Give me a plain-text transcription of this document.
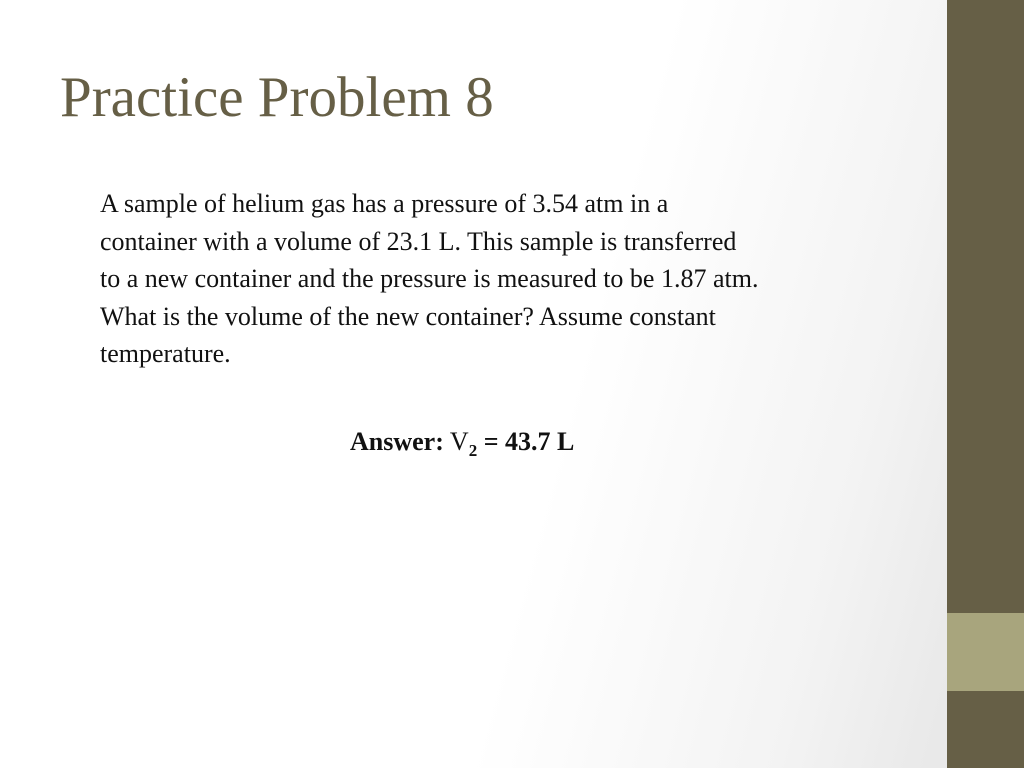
Practice Problem 8

A sample of helium gas has a pressure of 3.54 atm in a
container with a volume of 23.1 L. This sample is transferred
to a new container and the pressure is measured to be 1.87 atm.
What is the volume of the new container? Assume constant
temperature.

Answer: $V_2 = 43.7$ L
